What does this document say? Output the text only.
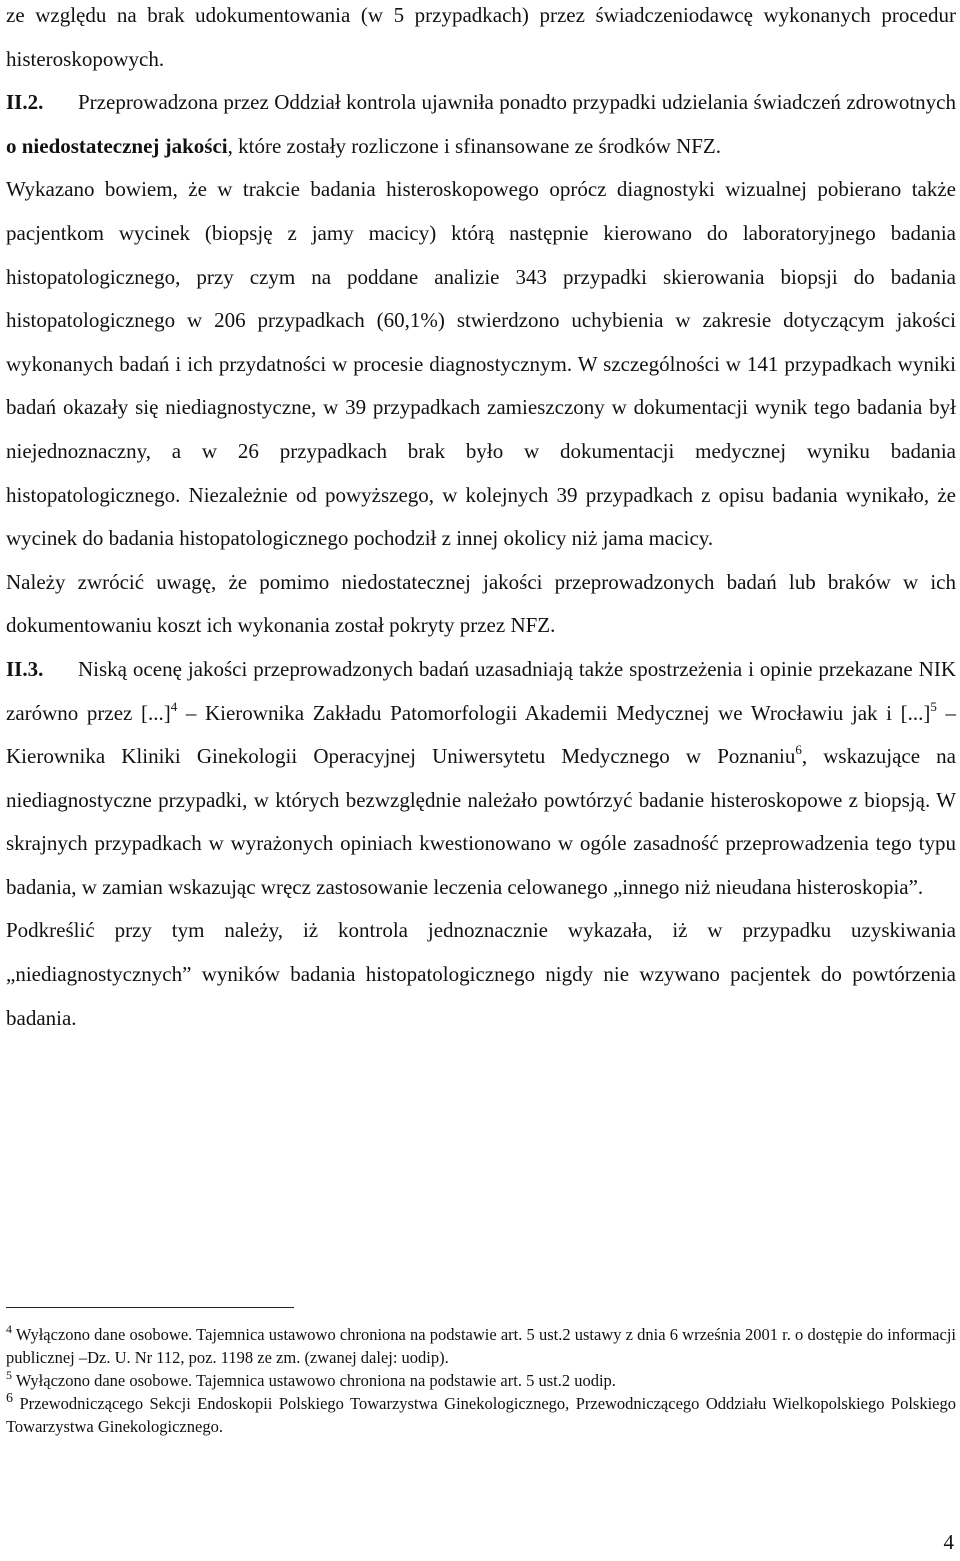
ze względu na brak udokumentowania (w 5 przypadkach) przez świadczeniodawcę wykonanych procedur histeroskopowych.

II.2. Przeprowadzona przez Oddział kontrola ujawniła ponadto przypadki udzielania świadczeń zdrowotnych o niedostatecznej jakości, które zostały rozliczone i sfinansowane ze środków NFZ.

Wykazano bowiem, że w trakcie badania histeroskopowego oprócz diagnostyki wizualnej pobierano także pacjentkom wycinek (biopsję z jamy macicy) którą następnie kierowano do laboratoryjnego badania histopatologicznego, przy czym na poddane analizie 343 przypadki skierowania biopsji do badania histopatologicznego w 206 przypadkach (60,1%) stwierdzono uchybienia w zakresie dotyczącym jakości wykonanych badań i ich przydatności w procesie diagnostycznym. W szczególności w 141 przypadkach wyniki badań okazały się niediagnostyczne, w 39 przypadkach zamieszczony w dokumentacji wynik tego badania był niejednoznaczny, a w 26 przypadkach brak było w dokumentacji medycznej wyniku badania histopatologicznego. Niezależnie od powyższego, w kolejnych 39 przypadkach z opisu badania wynikało, że wycinek do badania histopatologicznego pochodził z innej okolicy niż jama macicy.

Należy zwrócić uwagę, że pomimo niedostatecznej jakości przeprowadzonych badań lub braków w ich dokumentowaniu koszt ich wykonania został pokryty przez NFZ.

II.3. Niską ocenę jakości przeprowadzonych badań uzasadniają także spostrzeżenia i opinie przekazane NIK zarówno przez [...]$^4$ – Kierownika Zakładu Patomorfologii Akademii Medycznej we Wrocławiu jak i [...]$^5$ – Kierownika Kliniki Ginekologii Operacyjnej Uniwersytetu Medycznego w Poznaniu$^6$, wskazujące na niediagnostyczne przypadki, w których bezwzględnie należało powtórzyć badanie histeroskopowe z biopsją. W skrajnych przypadkach w wyrażonych opiniach kwestionowano w ogóle zasadność przeprowadzenia tego typu badania, w zamian wskazując wręcz zastosowanie leczenia celowanego „innego niż nieudana histeroskopia”.

Podkreślić przy tym należy, iż kontrola jednoznacznie wykazała, iż w przypadku uzyskiwania „niediagnostycznych” wyników badania histopatologicznego nigdy nie wzywano pacjentek do powtórzenia badania.

$^4$ Wyłączono dane osobowe. Tajemnica ustawowo chroniona na podstawie art. 5 ust.2 ustawy z dnia 6 września 2001 r. o dostępie do informacji publicznej –Dz. U. Nr 112, poz. 1198 ze zm. (zwanej dalej: uodip).

$^5$ Wyłączono dane osobowe. Tajemnica ustawowo chroniona na podstawie art. 5 ust.2 uodip.

$^6$ Przewodniczącego Sekcji Endoskopii Polskiego Towarzystwa Ginekologicznego, Przewodniczącego Oddziału Wielkopolskiego Polskiego Towarzystwa Ginekologicznego.

4
